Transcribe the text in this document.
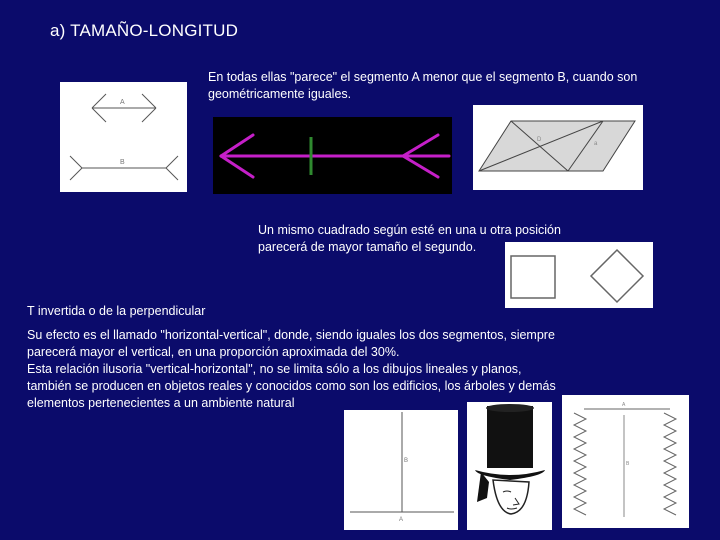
a) TAMAÑO-LONGITUD
En todas ellas "parece" el segmento A menor que el segmento B, cuando son
geométricamente iguales.
A
B
D
a
Un mismo cuadrado según esté en una u otra posición
parecerá de mayor tamaño el segundo.
T invertida o de la perpendicular
Su efecto es el llamado "horizontal-vertical", donde, siendo iguales los dos segmentos, siempre
parecerá mayor el vertical, en una proporción aproximada del 30%.
Esta relación ilusoria "vertical-horizontal", no se limita sólo a los dibujos lineales y planos,
también se producen en objetos reales y conocidos como son los edificios, los árboles y demás
elementos pertenecientes a un ambiente natural
B
A
A
B
